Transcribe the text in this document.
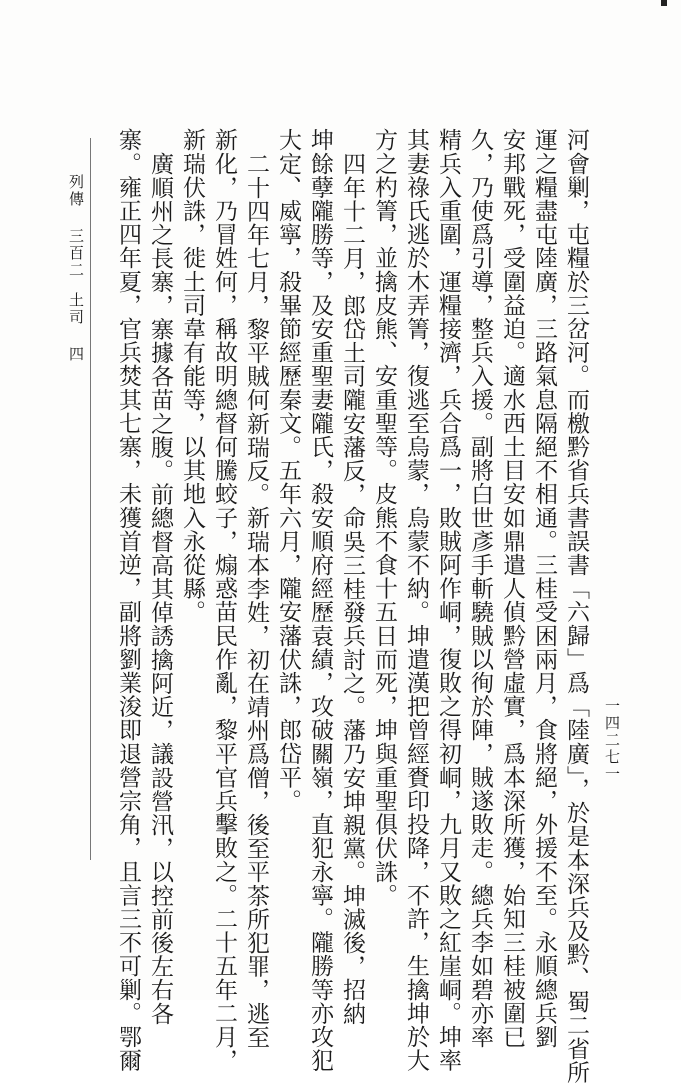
列傳 三百二
土司 四
一四二七一
河會剿，屯糧於三岔河。而檄黔省兵書誤書「六歸」爲「陸廣」，於是本深兵及黔、蜀二省所
運之糧盡屯陸廣，三路氣息隔絕不相通。三桂受困兩月，食將絕，外援不至。永順總兵劉
安邦戰死，受圍益迫。適水西土目安如鼎遣人偵黔營虛實，爲本深所獲，始知三桂被圍已
久，乃使爲引導，整兵入援。副將白世彥手斬驍賊以徇於陣，賊遂敗走。總兵李如碧亦率
精兵入重圍，運糧接濟，兵合爲一，敗賊阿作峒，復敗之得初峒，九月又敗之紅崖峒。坤率
其妻祿氏逃於木弄箐，復逃至烏蒙，烏蒙不納。坤遣漢把曾經賚印投降，不許，生擒坤於大
方之杓箐，並擒皮熊、安重聖等。皮熊不食十五日而死，坤與重聖俱伏誅。
四年十二月，郎岱土司隴安藩反，命吳三桂發兵討之。藩乃安坤親黨。坤滅後，招納
坤餘孽隴勝等，及安重聖妻隴氏，殺安順府經歷袁績，攻破關嶺，直犯永寧。隴勝等亦攻犯
大定、威寧，殺畢節經歷秦文。五年六月，隴安藩伏誅，郎岱平。
二十四年七月，黎平賊何新瑞反。新瑞本李姓，初在靖州爲僧，後至平茶所犯罪，逃至
新化，乃冒姓何，稱故明總督何騰蛟子，煽惑苗民作亂，黎平官兵擊敗之。二十五年二月，
新瑞伏誅，徙土司韋有能等，以其地入永從縣。
廣順州之長寨，寨據各苗之腹。前總督高其倬誘擒阿近，議設營汛，以控前後左右各
寨。雍正四年夏，官兵焚其七寨，未獲首逆，副將劉業浚即退營宗角，且言三不可剿。鄂爾
